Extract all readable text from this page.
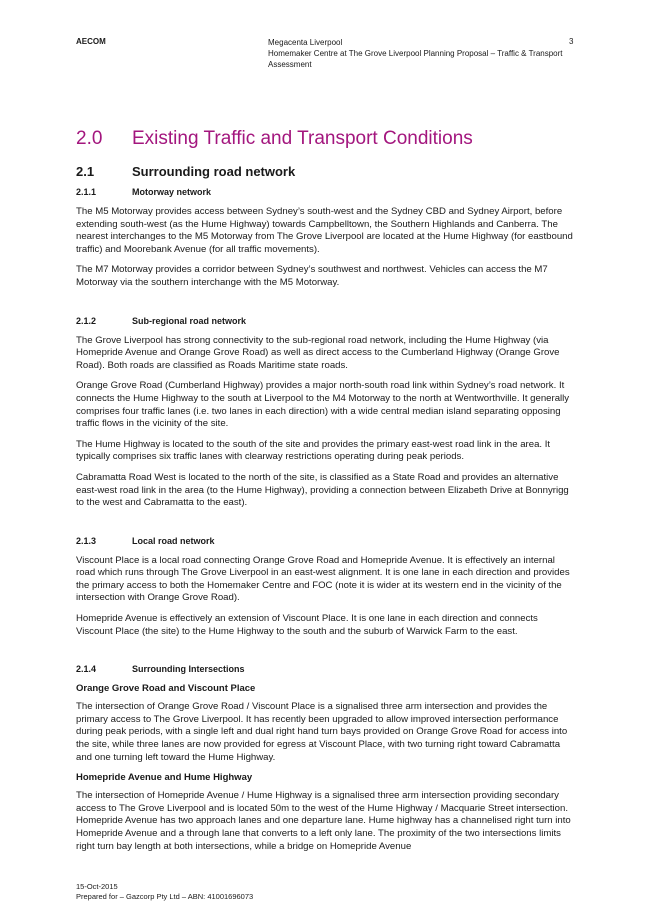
AECOM	Megacenta Liverpool
Homemaker Centre at The Grove Liverpool Planning Proposal – Traffic & Transport Assessment
3
2.0	Existing Traffic and Transport Conditions
2.1	Surrounding road network
2.1.1	Motorway network

The M5 Motorway provides access between Sydney’s south-west and the Sydney CBD and Sydney Airport, before extending south-west (as the Hume Highway) towards Campbelltown, the Southern Highlands and Canberra. The nearest interchanges to the M5 Motorway from The Grove Liverpool are located at the Hume Highway (for eastbound traffic) and Moorebank Avenue (for all traffic movements).

The M7 Motorway provides a corridor between Sydney’s southwest and northwest. Vehicles can access the M7 Motorway via the southern interchange with the M5 Motorway.

2.1.2	Sub-regional road network

The Grove Liverpool has strong connectivity to the sub-regional road network, including the Hume Highway (via Homepride Avenue and Orange Grove Road) as well as direct access to the Cumberland Highway (Orange Grove Road). Both roads are classified as Roads Maritime state roads.

Orange Grove Road (Cumberland Highway) provides a major north-south road link within Sydney’s road network. It connects the Hume Highway to the south at Liverpool to the M4 Motorway to the north at Wentworthville. It generally comprises four traffic lanes (i.e. two lanes in each direction) with a wide central median island separating opposing traffic flows in the vicinity of the site.

The Hume Highway is located to the south of the site and provides the primary east-west road link in the area. It typically comprises six traffic lanes with clearway restrictions operating during peak periods.

Cabramatta Road West is located to the north of the site, is classified as a State Road and provides an alternative east-west road link in the area (to the Hume Highway), providing a connection between Elizabeth Drive at Bonnyrigg to the west and Cabramatta to the east).

2.1.3	Local road network

Viscount Place is a local road connecting Orange Grove Road and Homepride Avenue. It is effectively an internal road which runs through The Grove Liverpool in an east-west alignment. It is one lane in each direction and provides the primary access to both the Homemaker Centre and FOC (note it is wider at its western end in the vicinity of the intersection with Orange Grove Road).

Homepride Avenue is effectively an extension of Viscount Place. It is one lane in each direction and connects Viscount Place (the site) to the Hume Highway to the south and the suburb of Warwick Farm to the east.

2.1.4	Surrounding Intersections
Orange Grove Road and Viscount Place

The intersection of Orange Grove Road / Viscount Place is a signalised three arm intersection and provides the primary access to The Grove Liverpool. It has recently been upgraded to allow improved intersection performance during peak periods, with a single left and dual right hand turn bays provided on Orange Grove Road for access into the site, while three lanes are now provided for egress at Viscount Place, with two turning right toward Cabramatta and one turning left toward the Hume Highway.

Homepride Avenue and Hume Highway

The intersection of Homepride Avenue / Hume Highway is a signalised three arm intersection providing secondary access to The Grove Liverpool and is located 50m to the west of the Hume Highway / Macquarie Street intersection. Homepride Avenue has two approach lanes and one departure lane. Hume highway has a channelised right turn into Homepride Avenue and a through lane that converts to a left only lane. The proximity of the two intersections limits right turn bay length at both intersections, while a bridge on Homepride Avenue

15-Oct-2015
Prepared for – Gazcorp Pty Ltd – ABN: 41001696073
